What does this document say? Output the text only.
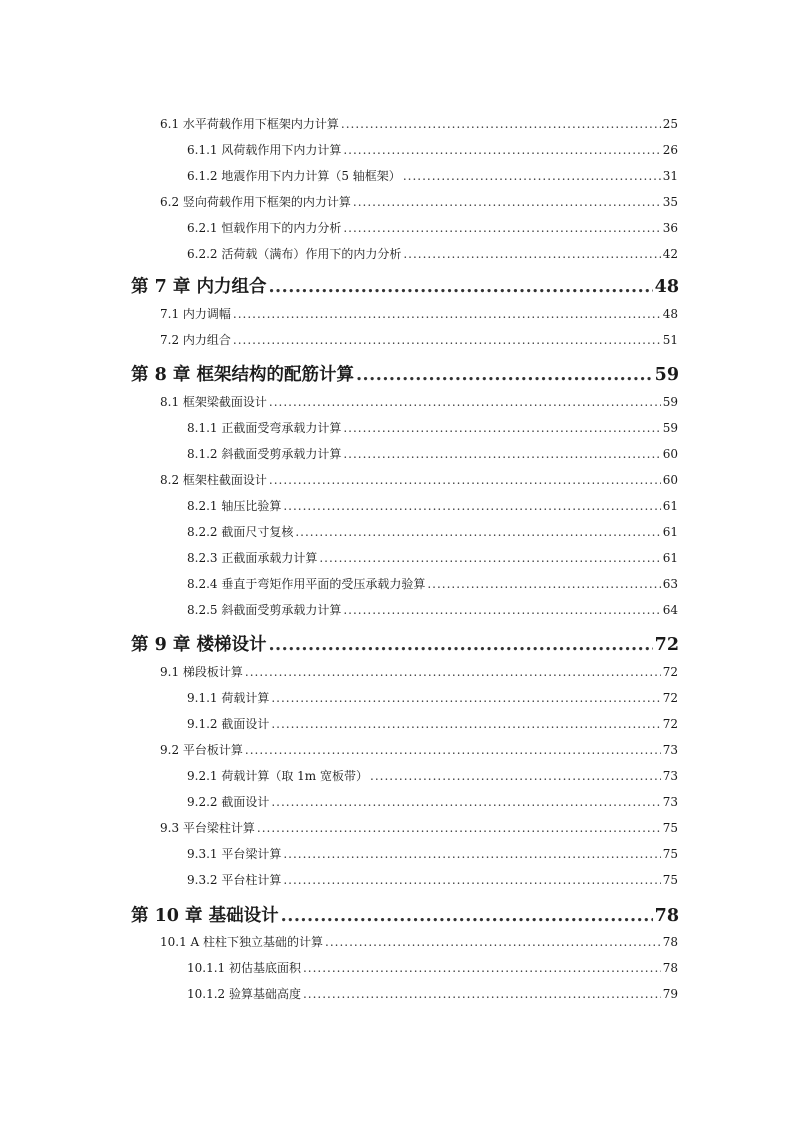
6.1 水平荷载作用下框架内力计算 .....	25
6.1.1 风荷载作用下内力计算 .....	26
6.1.2 地震作用下内力计算（5 轴框架） .....	31
6.2 竖向荷载作用下框架的内力计算 .....	35
6.2.1 恒载作用下的内力分析 .....	36
6.2.2 活荷载（满布）作用下的内力分析 .....	42
第 7 章 内力组合 .....	48
7.1 内力调幅 .....	48
7.2 内力组合 .....	51
第 8 章 框架结构的配筋计算 .....	59
8.1 框架梁截面设计 .....	59
8.1.1 正截面受弯承载力计算 .....	59
8.1.2 斜截面受剪承载力计算 .....	60
8.2 框架柱截面设计 .....	60
8.2.1 轴压比验算 .....	61
8.2.2 截面尺寸复核 .....	61
8.2.3 正截面承载力计算 .....	61
8.2.4 垂直于弯矩作用平面的受压承载力验算 .....	63
8.2.5 斜截面受剪承载力计算 .....	64
第 9 章 楼梯设计 .....	72
9.1 梯段板计算 .....	72
9.1.1 荷载计算 .....	72
9.1.2 截面设计 .....	72
9.2 平台板计算 .....	73
9.2.1 荷载计算（取 1m 宽板带） .....	73
9.2.2 截面设计 .....	73
9.3 平台梁柱计算 .....	75
9.3.1 平台梁计算 .....	75
9.3.2 平台柱计算 .....	75
第 10 章 基础设计 .....	78
10.1 A 柱柱下独立基础的计算 .....	78
10.1.1 初估基底面积 .....	78
10.1.2 验算基础高度 .....	79
